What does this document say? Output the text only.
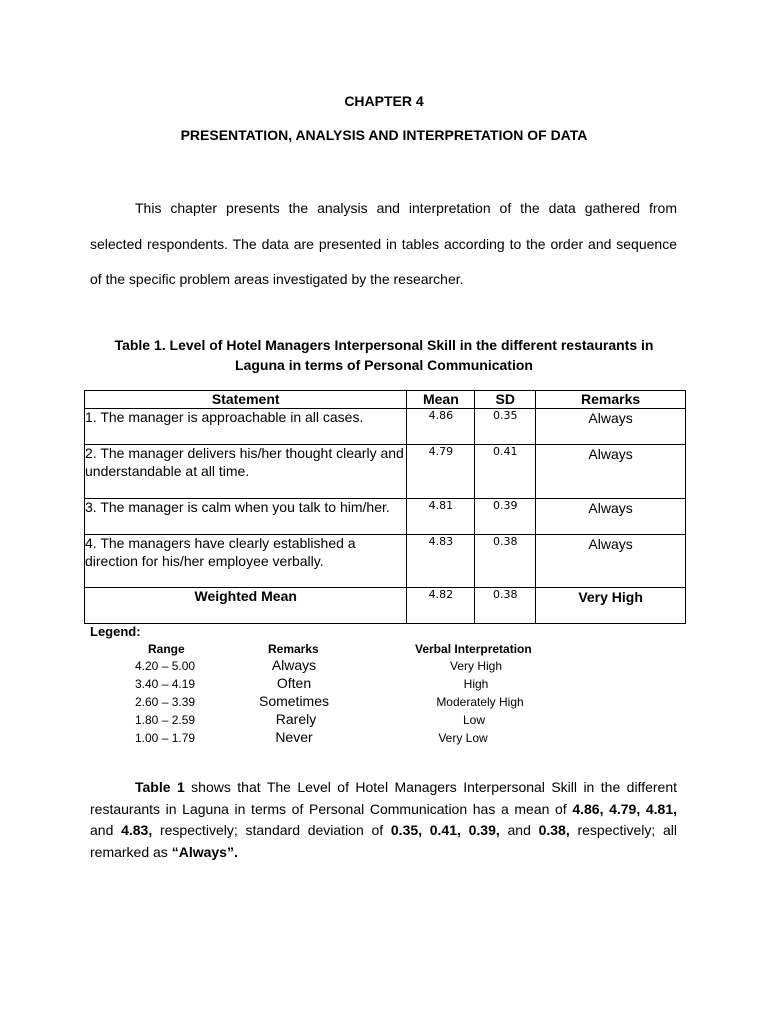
CHAPTER 4
PRESENTATION, ANALYSIS AND INTERPRETATION OF DATA

This chapter presents the analysis and interpretation of the data gathered from selected respondents. The data are presented in tables according to the order and sequence of the specific problem areas investigated by the researcher.

Table 1. Level of Hotel Managers Interpersonal Skill in the different restaurants in
Laguna in terms of Personal Communication
Statement	Mean	SD	Remarks
1. The manager is approachable in all cases.	4.86	0.35	Always
2. The manager delivers his/her thought clearly and understandable at all time.	4.79	0.41	Always
3. The manager is calm when you talk to him/her.	4.81	0.39	Always
4. The managers have clearly established a direction for his/her employee verbally.	4.83	0.38	Always
Weighted Mean	4.82	0.38	Very High
Legend:
Range	Remarks	Verbal Interpretation
4.20 – 5.00	Always	Very High
3.40 – 4.19	Often	High
2.60 – 3.39	Sometimes	Moderately High
1.80 – 2.59	Rarely	Low
1.00 – 1.79	Never	Very Low

Table 1 shows that The Level of Hotel Managers Interpersonal Skill in the different restaurants in Laguna in terms of Personal Communication has a mean of 4.86, 4.79, 4.81, and 4.83, respectively; standard deviation of 0.35, 0.41, 0.39, and 0.38, respectively; all remarked as “Always”.
